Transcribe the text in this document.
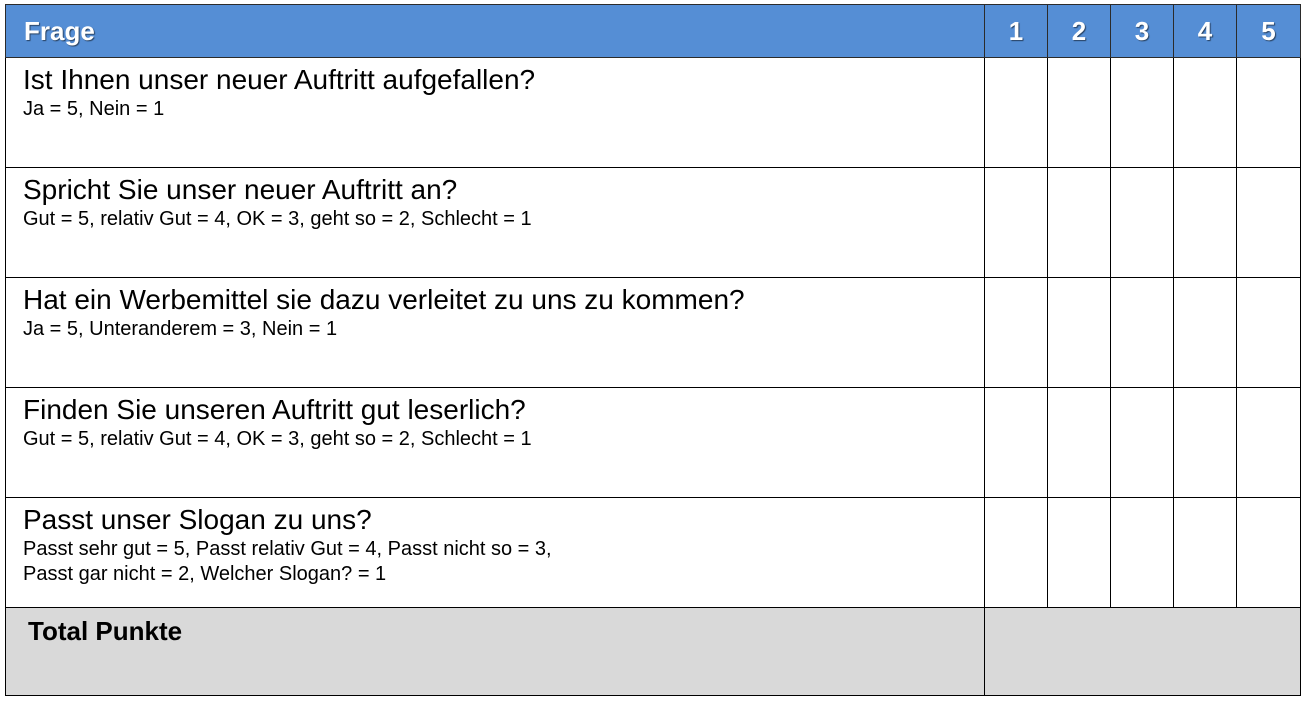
Frage	1	2	3	4	5

Ist Ihnen unser neuer Auftritt aufgefallen?
Ja = 5, Nein = 1					

Spricht Sie unser neuer Auftritt an?
Gut = 5, relativ Gut = 4, OK = 3, geht so = 2, Schlecht = 1					

Hat ein Werbemittel sie dazu verleitet zu uns zu kommen?
Ja = 5, Unteranderem = 3, Nein = 1					

Finden Sie unseren Auftritt gut leserlich?
Gut = 5, relativ Gut = 4, OK = 3, geht so = 2, Schlecht = 1					

Passt unser Slogan zu uns?
Passt sehr gut = 5, Passt relativ Gut = 4, Passt nicht so = 3,
Passt gar nicht = 2, Welcher Slogan? = 1					

Total Punkte					
